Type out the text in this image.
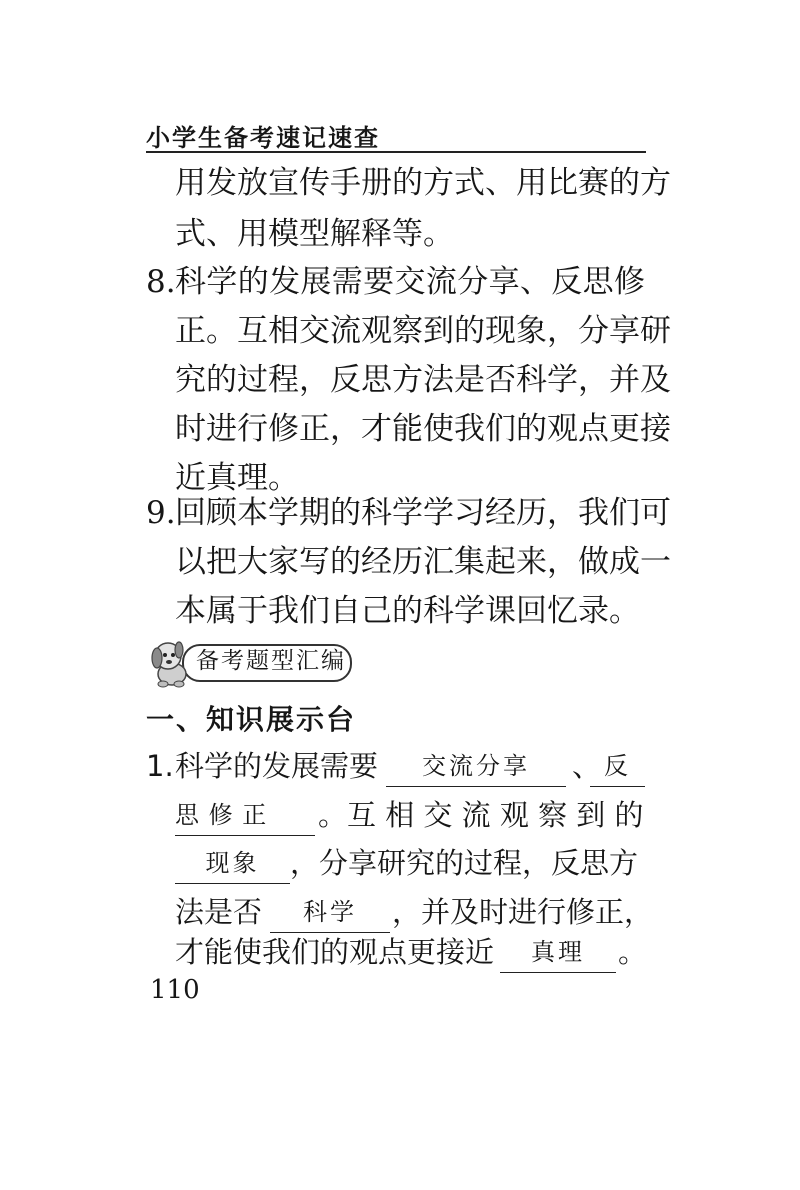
小学生备考速记速查
用发放宣传手册的方式、用比赛的方
式、用模型解释等。
8. 科学的发展需要交流分享、反思修
正。互相交流观察到的现象，分享研
究的过程，反思方法是否科学，并及
时进行修正，才能使我们的观点更接
近真理。
9. 回顾本学期的科学学习经历，我们可
以把大家写的经历汇集起来，做成一
本属于我们自己的科学课回忆录。
备考题型汇编
一、知识展示台
1. 科学的发展需要	交流分享	、 反
思 修 正	。互 相 交 流 观 察 到 的
现象	，分享研究的过程，反思方
法是否	科学	，并及时进行修正，
才能使我们的观点更接近	真理	。
110
